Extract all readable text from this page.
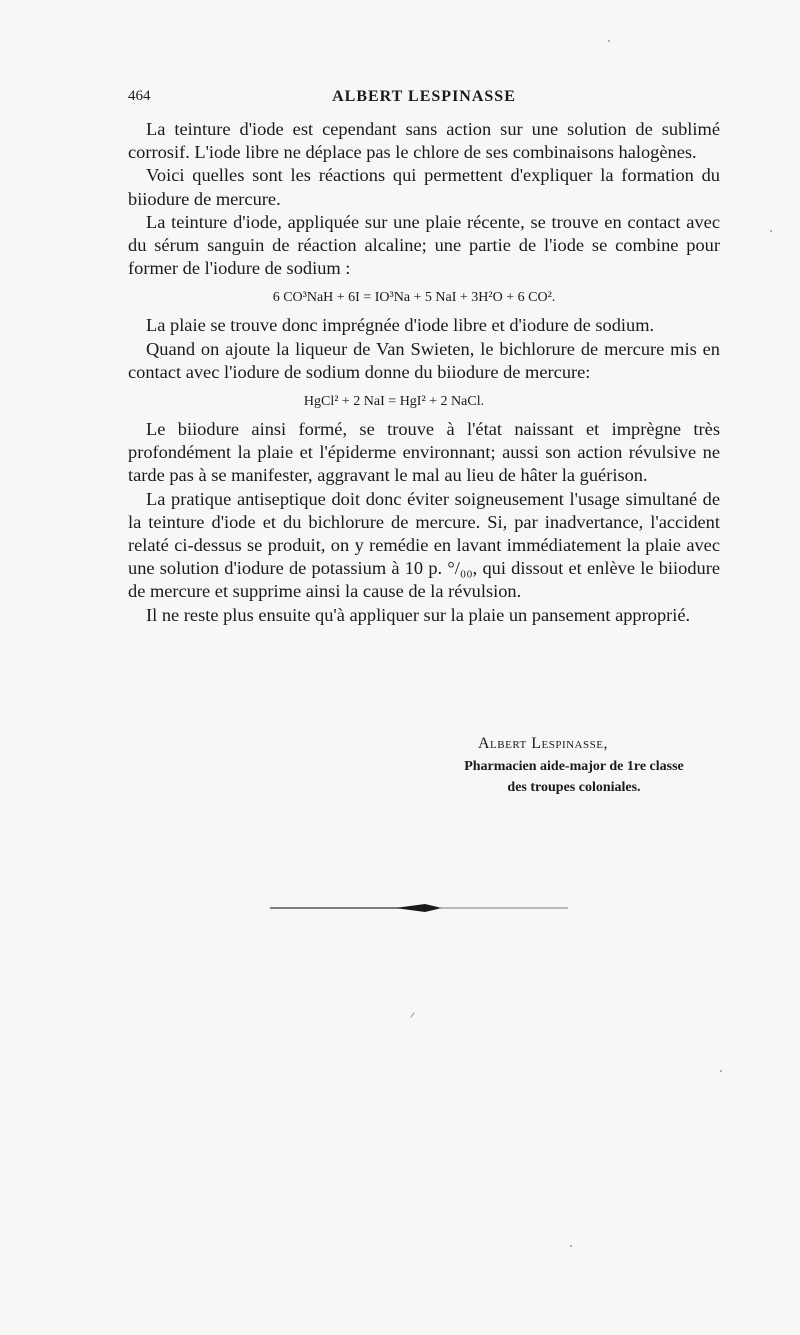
464	ALBERT LESPINASSE

La teinture d'iode est cependant sans action sur une solution de sublimé corrosif. L'iode libre ne déplace pas le chlore de ses combinaisons halogènes.

Voici quelles sont les réactions qui permettent d'expliquer la formation du biiodure de mercure.

La teinture d'iode, appliquée sur une plaie récente, se trouve en contact avec du sérum sanguin de réaction alcaline; une partie de l'iode se combine pour former de l'iodure de sodium :

6 CO³NaH + 6I = IO³Na + 5 NaI + 3H²O + 6 CO².

La plaie se trouve donc imprégnée d'iode libre et d'iodure de sodium.

Quand on ajoute la liqueur de Van Swieten, le bichlorure de mercure mis en contact avec l'iodure de sodium donne du biiodure de mercure:

HgCl² + 2 NaI = HgI² + 2 NaCl.

Le biiodure ainsi formé, se trouve à l'état naissant et imprègne très profondément la plaie et l'épiderme environnant; aussi son action révulsive ne tarde pas à se manifester, aggravant le mal au lieu de hâter la guérison.

La pratique antiseptique doit donc éviter soigneusement l'usage simultané de la teinture d'iode et du bichlorure de mercure. Si, par inadvertance, l'accident relaté ci-dessus se produit, on y remédie en lavant immédiatement la plaie avec une solution d'iodure de potassium à 10 p. °/₀₀, qui dissout et enlève le biiodure de mercure et supprime ainsi la cause de la révulsion.

Il ne reste plus ensuite qu'à appliquer sur la plaie un pansement approprié.

Albert Lespinasse,
Pharmacien aide-major de 1re classe
des troupes coloniales.
